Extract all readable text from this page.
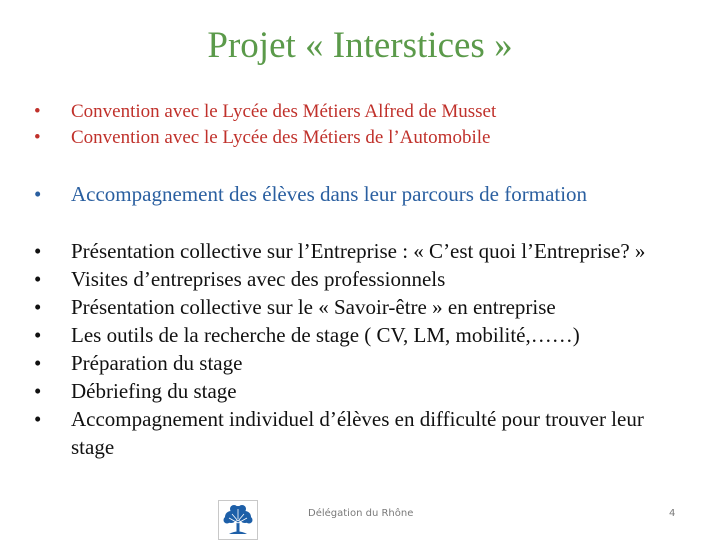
Projet « Interstices »
• Convention avec le Lycée des Métiers Alfred de Musset
• Convention avec le Lycée des Métiers de l’Automobile
• Accompagnement des élèves dans leur parcours de formation
• Présentation collective sur l’Entreprise : « C’est quoi l’Entreprise? »
• Visites d’entreprises avec des professionnels
• Présentation collective sur le « Savoir-être » en entreprise
• Les outils de la recherche de stage ( CV, LM, mobilité,……)
• Préparation du stage
• Débriefing du stage
• Accompagnement individuel d’élèves en difficulté pour trouver leur stage
Délégation du Rhône	4
